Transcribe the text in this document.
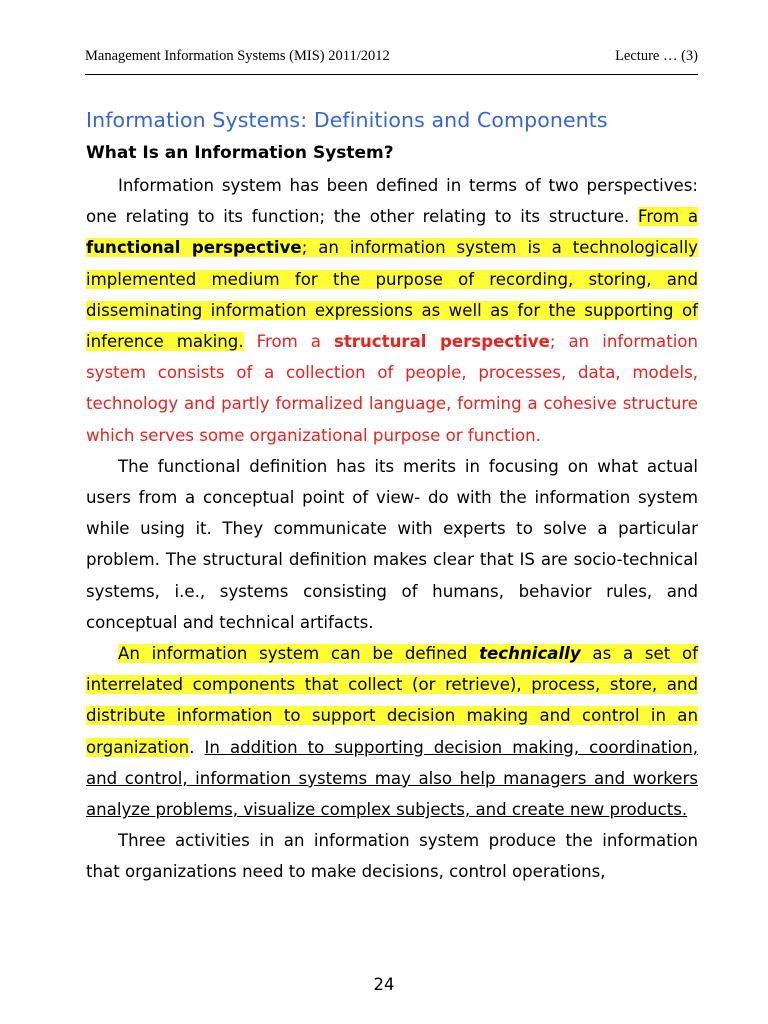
Management Information Systems (MIS) 2011/2012	Lecture … (3)
Information Systems: Definitions and Components
What Is an Information System?

Information system has been defined in terms of two perspectives: one relating to its function; the other relating to its structure. From a functional perspective; an information system is a technologically implemented medium for the purpose of recording, storing, and disseminating information expressions as well as for the supporting of inference making. From a structural perspective; an information system consists of a collection of people, processes, data, models, technology and partly formalized language, forming a cohesive structure which serves some organizational purpose or function.

The functional definition has its merits in focusing on what actual users from a conceptual point of view- do with the information system while using it. They communicate with experts to solve a particular problem. The structural definition makes clear that IS are socio-technical systems, i.e., systems consisting of humans, behavior rules, and conceptual and technical artifacts.

An information system can be defined technically as a set of interrelated components that collect (or retrieve), process, store, and distribute information to support decision making and control in an organization. In addition to supporting decision making, coordination, and control, information systems may also help managers and workers analyze problems, visualize complex subjects, and create new products.

Three activities in an information system produce the information that organizations need to make decisions, control operations,

24
